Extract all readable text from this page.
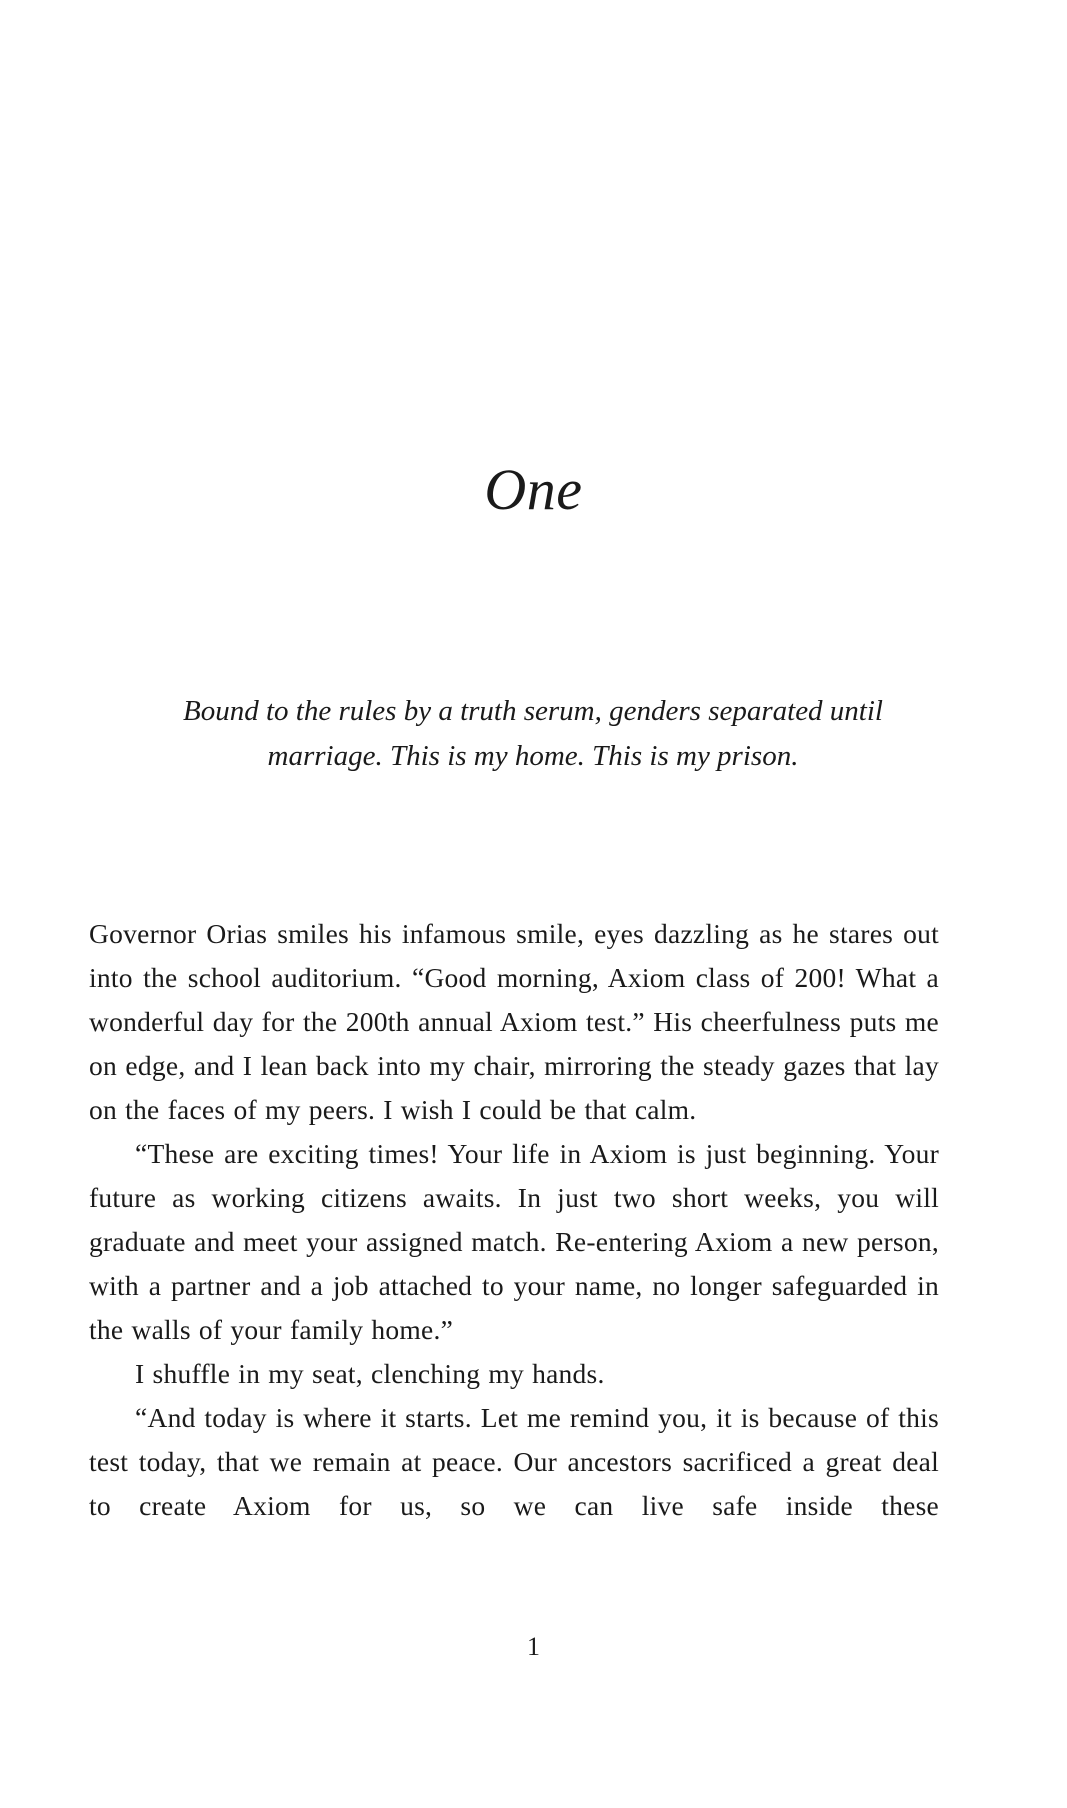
One

Bound to the rules by a truth serum, genders separated until marriage. This is my home. This is my prison.

Governor Orias smiles his infamous smile, eyes dazzling as he stares out into the school auditorium. “Good morning, Axiom class of 200! What a wonderful day for the 200th annual Axiom test.” His cheerfulness puts me on edge, and I lean back into my chair, mirroring the steady gazes that lay on the faces of my peers. I wish I could be that calm.

“These are exciting times! Your life in Axiom is just beginning. Your future as working citizens awaits. In just two short weeks, you will graduate and meet your assigned match. Re-entering Axiom a new person, with a partner and a job attached to your name, no longer safeguarded in the walls of your family home.”

I shuffle in my seat, clenching my hands.

“And today is where it starts. Let me remind you, it is because of this test today, that we remain at peace. Our ancestors sacrificed a great deal to create Axiom for us, so we can live safe inside these

1
